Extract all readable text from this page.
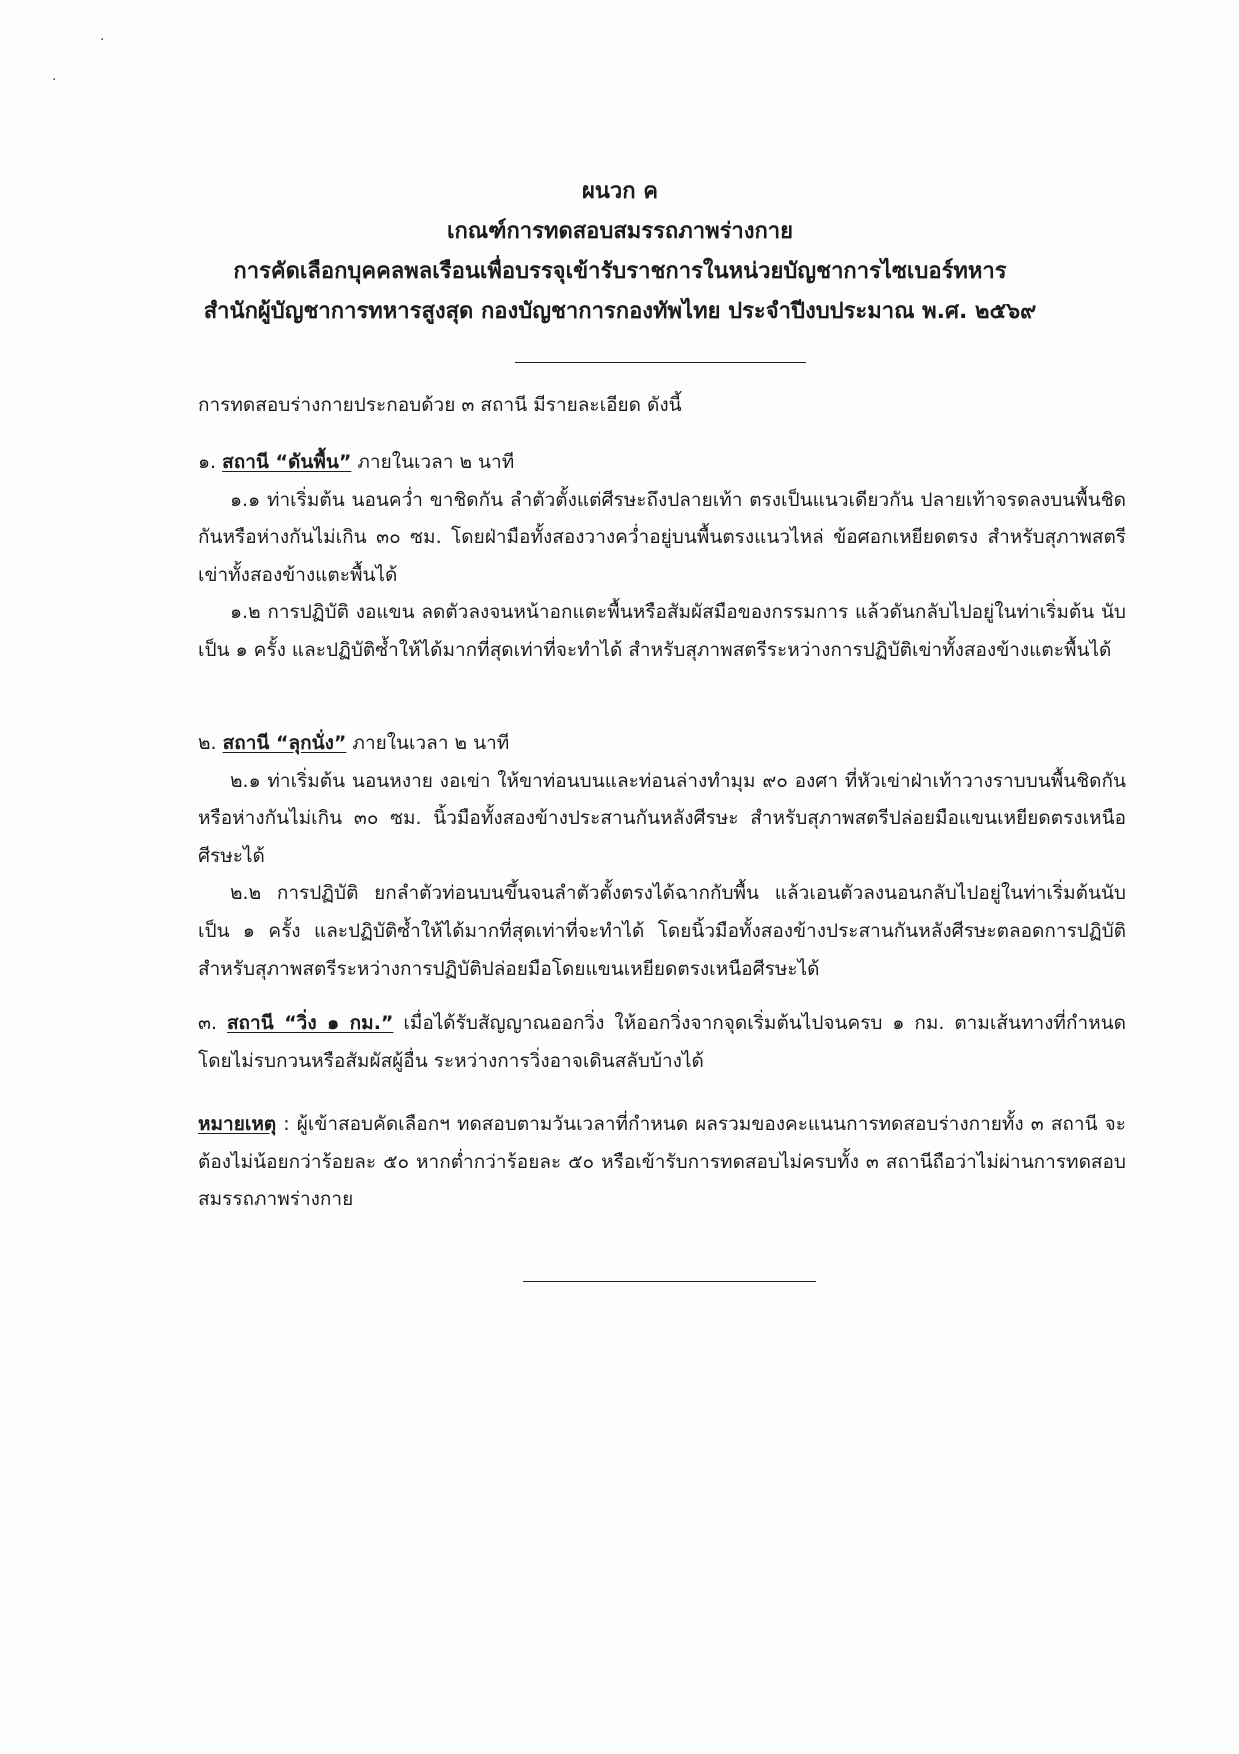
·
·
ผนวก ค
เกณฑ์การทดสอบสมรรถภาพร่างกาย
การคัดเลือกบุคคลพลเรือนเพื่อบรรจุเข้ารับราชการในหน่วยบัญชาการไซเบอร์ทหาร
สำนักผู้บัญชาการทหารสูงสุด กองบัญชาการกองทัพไทย ประจำปีงบประมาณ พ.ศ. ๒๕๖๙

การทดสอบร่างกายประกอบด้วย ๓ สถานี มีรายละเอียด ดังนี้

๑. สถานี “ดันพื้น” ภายในเวลา ๒ นาที

๑.๑ ท่าเริ่มต้น นอนคว่ำ ขาชิดกัน ลำตัวตั้งแต่ศีรษะถึงปลายเท้า ตรงเป็นแนวเดียวกัน ปลายเท้าจรดลงบนพื้นชิดกันหรือห่างกันไม่เกิน ๓๐ ซม. โดยฝ่ามือทั้งสองวางคว่ำอยู่บนพื้นตรงแนวไหล่ ข้อศอกเหยียดตรง สำหรับสุภาพสตรีเข่าทั้งสองข้างแตะพื้นได้

๑.๒ การปฏิบัติ งอแขน ลดตัวลงจนหน้าอกแตะพื้นหรือสัมผัสมือของกรรมการ แล้วดันกลับไปอยู่ในท่าเริ่มต้น นับเป็น ๑ ครั้ง และปฏิบัติซ้ำให้ได้มากที่สุดเท่าที่จะทำได้ สำหรับสุภาพสตรีระหว่างการปฏิบัติเข่าทั้งสองข้างแตะพื้นได้

๒. สถานี “ลุกนั่ง” ภายในเวลา ๒ นาที

๒.๑ ท่าเริ่มต้น นอนหงาย งอเข่า ให้ขาท่อนบนและท่อนล่างทำมุม ๙๐ องศา ที่หัวเข่าฝ่าเท้าวางราบบนพื้นชิดกันหรือห่างกันไม่เกิน ๓๐ ซม. นิ้วมือทั้งสองข้างประสานกันหลังศีรษะ สำหรับสุภาพสตรีปล่อยมือแขนเหยียดตรงเหนือศีรษะได้

๒.๒ การปฏิบัติ ยกลำตัวท่อนบนขึ้นจนลำตัวตั้งตรงได้ฉากกับพื้น แล้วเอนตัวลงนอนกลับไปอยู่ในท่าเริ่มต้นนับเป็น ๑ ครั้ง และปฏิบัติซ้ำให้ได้มากที่สุดเท่าที่จะทำได้ โดยนิ้วมือทั้งสองข้างประสานกันหลังศีรษะตลอดการปฏิบัติ สำหรับสุภาพสตรีระหว่างการปฏิบัติปล่อยมือโดยแขนเหยียดตรงเหนือศีรษะได้

๓. สถานี “วิ่ง ๑ กม.” เมื่อได้รับสัญญาณออกวิ่ง ให้ออกวิ่งจากจุดเริ่มต้นไปจนครบ ๑ กม. ตามเส้นทางที่กำหนด โดยไม่รบกวนหรือสัมผัสผู้อื่น ระหว่างการวิ่งอาจเดินสลับบ้างได้

หมายเหตุ : ผู้เข้าสอบคัดเลือกฯ ทดสอบตามวันเวลาที่กำหนด ผลรวมของคะแนนการทดสอบร่างกายทั้ง ๓ สถานี จะต้องไม่น้อยกว่าร้อยละ ๕๐ หากต่ำกว่าร้อยละ ๕๐ หรือเข้ารับการทดสอบไม่ครบทั้ง ๓ สถานีถือว่าไม่ผ่านการทดสอบสมรรถภาพร่างกาย
